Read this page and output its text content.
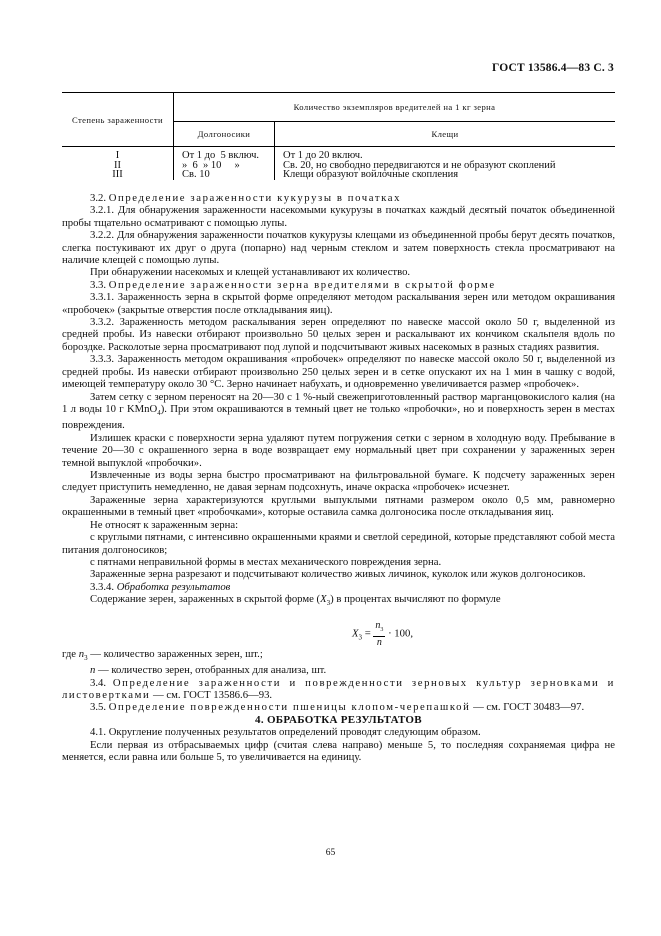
ГОСТ 13586.4—83 С. 3
Степень зараженности	Количество экземпляров вредителей на 1 кг зерна	
	Долгоносики	Клещи
I	От 1 до  5 включ.	От 1 до 20 включ.
II	»  6  » 10     »	Св. 20, но свободно передвигаются и не образуют скоплений
III	Св. 10	Клещи образуют войлочные скопления

3.2. Определение зараженности кукурузы в початках

3.2.1. Для обнаружения зараженности насекомыми кукурузы в початках каждый десятый початок объединенной пробы тщательно осматривают с помощью лупы.

3.2.2. Для обнаружения зараженности початков кукурузы клещами из объединенной пробы берут десять початков, слегка постукивают их друг о друга (попарно) над черным стеклом и затем поверхность стекла просматривают на наличие клещей с помощью лупы.

При обнаружении насекомых и клещей устанавливают их количество.

3.3. Определение зараженности зерна вредителями в скрытой форме

3.3.1. Зараженность зерна в скрытой форме определяют методом раскалывания зерен или методом окрашивания «пробочек» (закрытые отверстия после откладывания яиц).

3.3.2. Зараженность методом раскалывания зерен определяют по навеске массой около 50 г, выделенной из средней пробы. Из навески отбирают произвольно 50 целых зерен и раскалывают их кончиком скальпеля вдоль по бороздке. Расколотые зерна просматривают под лупой и подсчитывают живых насекомых в разных стадиях развития.

3.3.3. Зараженность методом окрашивания «пробочек» определяют по навеске массой около 50 г, выделенной из средней пробы. Из навески отбирают произвольно 250 целых зерен и в сетке опускают их на 1 мин в чашку с водой, имеющей температуру около 30 °С. Зерно начинает набухать, и одновременно увеличивается размер «пробочек».

Затем сетку с зерном переносят на 20—30 с 1 %-ный свежеприготовленный раствор марганцовокислого калия (на 1 л воды 10 г KMnO$_4$). При этом окрашиваются в темный цвет не только «пробочки», но и поверхность зерен в местах повреждения.

Излишек краски с поверхности зерна удаляют путем погружения сетки с зерном в холодную воду. Пребывание в течение 20—30 с окрашенного зерна в воде возвращает ему нормальный цвет при сохранении у зараженных зерен темной выпуклой «пробочки».

Извлеченные из воды зерна быстро просматривают на фильтровальной бумаге. К подсчету зараженных зерен следует приступить немедленно, не давая зернам подсохнуть, иначе окраска «пробочек» исчезнет.

Зараженные зерна характеризуются круглыми выпуклыми пятнами размером около 0,5 мм, равномерно окрашенными в темный цвет «пробочками», которые оставила самка долгоносика после откладывания яиц.

Не относят к зараженным зерна:

с круглыми пятнами, с интенсивно окрашенными краями и светлой серединой, которые представляют собой места питания долгоносиков;

с пятнами неправильной формы в местах механического повреждения зерна.

Зараженные зерна разрезают и подсчитывают количество живых личинок, куколок или жуков долгоносиков.

3.3.4. Обработка результатов

Содержание зерен, зараженных в скрытой форме $(X_3)$ в процентах вычисляют по формуле

$X_3 = \frac{n_3}{n} \cdot 100$,

где $n_3$ — количество зараженных зерен, шт.;

n — количество зерен, отобранных для анализа, шт.

3.4. Определение зараженности и поврежденности зерновых культур зерновками и листовертками — см. ГОСТ 13586.6—93.

3.5. Определение поврежденности пшеницы клопом-черепашкой — см. ГОСТ 30483—97.

4. ОБРАБОТКА РЕЗУЛЬТАТОВ

4.1. Округление полученных результатов определений проводят следующим образом.

Если первая из отбрасываемых цифр (считая слева направо) меньше 5, то последняя сохраняемая цифра не меняется, если равна или больше 5, то увеличивается на единицу.

65
